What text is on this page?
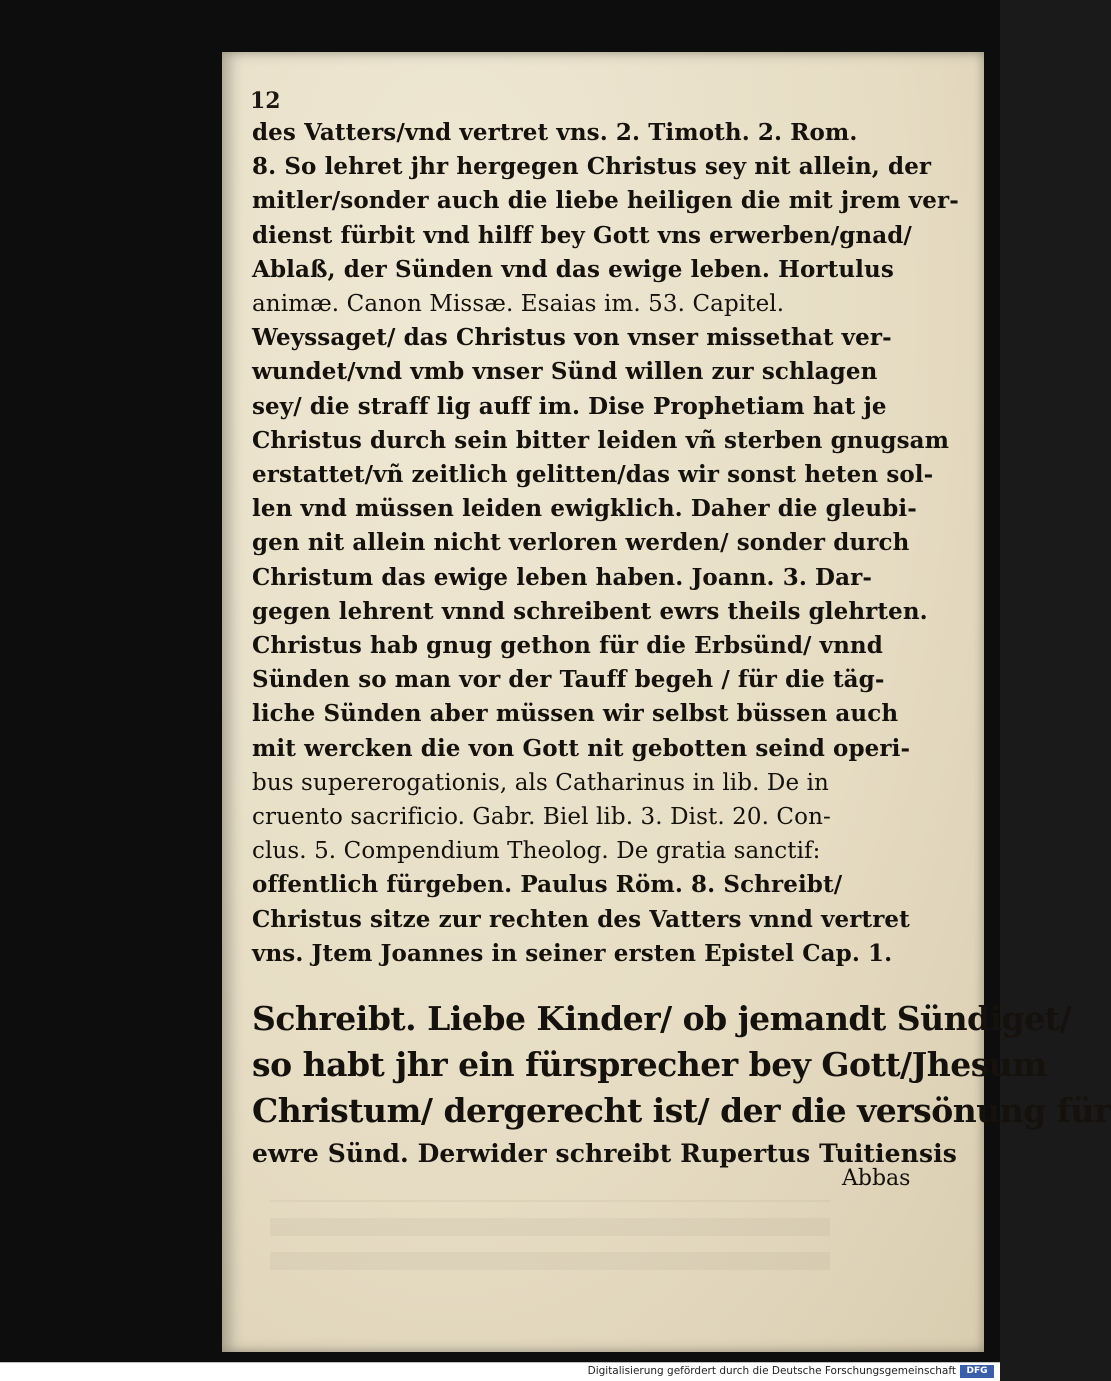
12
des Vatters/vnd vertret vns. 2. Timoth. 2. Rom.
8. So lehret jhr hergegen Christus sey nit allein, der
mitler/sonder auch die liebe heiligen die mit jrem ver-
dienst fürbit vnd hilff bey Gott vns erwerben/gnad/
Ablaß, der Sünden vnd das ewige leben. Hortulus
animæ. Canon Missæ. Esaias im. 53. Capitel.
Weyssaget/ das Christus von vnser missethat ver-
wundet/vnd vmb vnser Sünd willen zur schlagen
sey/ die straff lig auff im. Dise Prophetiam hat je
Christus durch sein bitter leiden vñ sterben gnugsam
erstattet/vñ zeitlich gelitten/das wir sonst heten sol-
len vnd müssen leiden ewigklich. Daher die gleubi-
gen nit allein nicht verloren werden/ sonder durch
Christum das ewige leben haben. Joann. 3. Dar-
gegen lehrent vnnd schreibent ewrs theils glehrten.
Christus hab gnug gethon für die Erbsünd/ vnnd
Sünden so man vor der Tauff begeh / für die täg-
liche Sünden aber müssen wir selbst büssen auch
mit wercken die von Gott nit gebotten seind operi-
bus supererogationis, als Catharinus in lib. De in
cruento sacrificio. Gabr. Biel lib. 3. Dist. 20. Con-
clus. 5. Compendium Theolog. De gratia sanctif:
offentlich fürgeben. Paulus Röm. 8. Schreibt/
Christus sitze zur rechten des Vatters vnnd vertret
vns. Jtem Joannes in seiner ersten Epistel Cap. 1.
Schreibt. Liebe Kinder/ ob jemandt Sündiget/
so habt jhr ein fürsprecher bey Gott/Jhesum
Christum/ dergerecht ist/ der die versönung für
ewre Sünd. Derwider schreibt Rupertus Tuitiensis
Abbas
Digitalisierung gefördert durch die Deutsche Forschungsgemeinschaft	DFG
